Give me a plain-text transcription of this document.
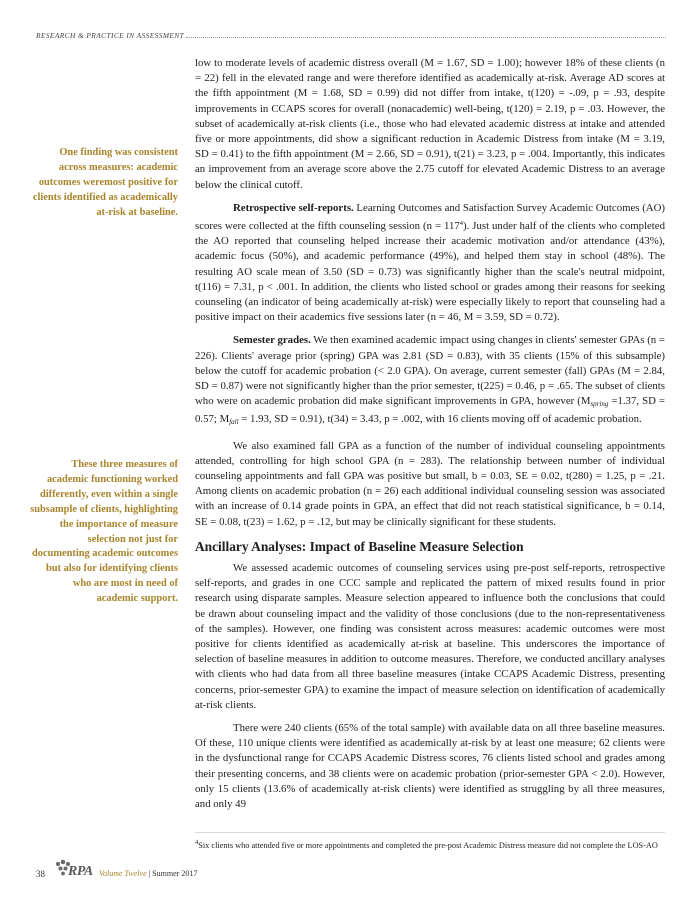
RESEARCH & PRACTICE IN ASSESSMENT
One finding was consistent across measures: academic outcomes weremost positive for clients identified as academically at-risk at baseline.
These three measures of academic functioning worked differently, even within a single subsample of clients, highlighting the importance of measure selection not just for documenting academic outcomes but also for identifying clients who are most in need of academic support.

low to moderate levels of academic distress overall (M = 1.67, SD = 1.00); however 18% of these clients (n = 22) fell in the elevated range and were therefore identified as academically at-risk. Average AD scores at the fifth appointment (M = 1.68, SD = 0.99) did not differ from intake, t(120) = -.09, p = .93, despite improvements in CCAPS scores for overall (nonacademic) well-being, t(120) = 2.19, p = .03. However, the subset of academically at-risk clients (i.e., those who had elevated academic distress at intake and attended five or more appointments, did show a significant reduction in Academic Distress from intake (M = 3.19, SD = 0.41) to the fifth appointment (M = 2.66, SD = 0.91), t(21) = 3.23, p = .004. Importantly, this indicates an improvement from an average score above the 2.75 cutoff for elevated Academic Distress to an average below the clinical cutoff.

Retrospective self-reports. Learning Outcomes and Satisfaction Survey Academic Outcomes (AO) scores were collected at the fifth counseling session $(n = 117^4)$. Just under half of the clients who completed the AO reported that counseling helped increase their academic motivation and/or attendance (43%), academic focus (50%), and academic performance (49%), and helped them stay in school (48%). The resulting AO scale mean of 3.50 (SD = 0.73) was significantly higher than the scale's neutral midpoint, t(116) = 7.31, p < .001. In addition, the clients who listed school or grades among their reasons for seeking counseling (an indicator of being academically at-risk) were especially likely to report that counseling had a positive impact on their academics five sessions later (n = 46, M = 3.59, SD = 0.72).

Semester grades. We then examined academic impact using changes in clients' semester GPAs (n = 226). Clients' average prior (spring) GPA was 2.81 (SD = 0.83), with 35 clients (15% of this subsample) below the cutoff for academic probation (< 2.0 GPA). On average, current semester (fall) GPAs (M = 2.84, SD = 0.87) were not significantly higher than the prior semester, t(225) = 0.46, p = .65. The subset of clients who were on academic probation did make significant improvements in GPA, however ($M_{spring} =1.37$, SD = 0.57; $M_{fall} = 1.93$, SD = 0.91), t(34) = 3.43, p = .002, with 16 clients moving off of academic probation.

We also examined fall GPA as a function of the number of individual counseling appointments attended, controlling for high school GPA (n = 283). The relationship between number of individual counseling appointments and fall GPA was positive but small, b = 0.03, SE = 0.02, t(280) = 1.25, p = .21. Among clients on academic probation (n = 26) each additional individual counseling session was associated with an increase of 0.14 grade points in GPA, an effect that did not reach statistical significance, b = 0.14, SE = 0.08, t(23) = 1.62, p = .12, but may be clinically significant for these students.

Ancillary Analyses: Impact of Baseline Measure Selection

We assessed academic outcomes of counseling services using pre-post self-reports, retrospective self-reports, and grades in one CCC sample and replicated the pattern of mixed results found in prior research using disparate samples. Measure selection appeared to influence both the conclusions that could be drawn about counseling impact and the validity of those conclusions (due to the non-representativeness of the samples). However, one finding was consistent across measures: academic outcomes were most positive for clients identified as academically at-risk at baseline. This underscores the importance of selection of baseline measures in addition to outcome measures. Therefore, we conducted ancillary analyses with clients who had data from all three baseline measures (intake CCAPS Academic Distress, presenting concerns, prior-semester GPA) to examine the impact of measure selection on identification of academically at-risk clients.

There were 240 clients (65% of the total sample) with available data on all three baseline measures. Of these, 110 unique clients were identified as academically at-risk by at least one measure; 62 clients were in the dysfunctional range for CCAPS Academic Distress scores, 76 clients listed school and grades among their presenting concerns, and 38 clients were on academic probation (prior-semester GPA < 2.0). However, only 15 clients (13.6% of academically at-risk clients) were identified as struggling by all three measures, and only 49

$^4$Six clients who attended five or more appointments and completed the pre-post Academic Distress measure did not complete the LOS-AO
38 RPA Volume Twelve | Summer 2017
